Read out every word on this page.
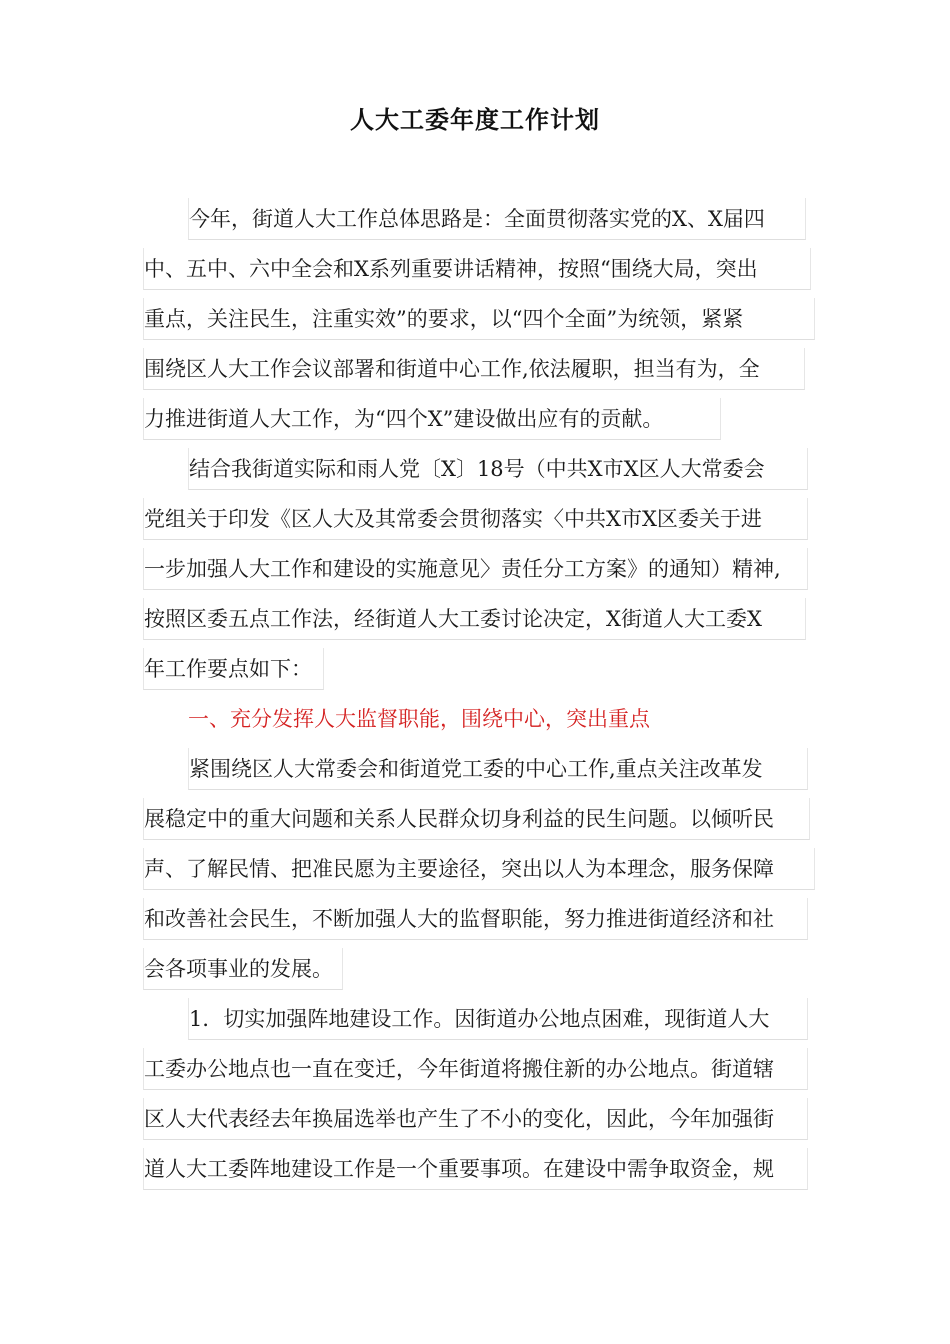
人大工委年度工作计划
今年，街道人大工作总体思路是：全面贯彻落实党的X、X届四
中、五中、六中全会和X系列重要讲话精神，按照“围绕大局，突出
重点，关注民生，注重实效”的要求，以“四个全面”为统领，紧紧
围绕区人大工作会议部署和街道中心工作,依法履职，担当有为，全
力推进街道人大工作，为“四个X”建设做出应有的贡献。
结合我街道实际和雨人党〔X〕18号（中共X市X区人大常委会
党组关于印发《区人大及其常委会贯彻落实〈中共X市X区委关于进
一步加强人大工作和建设的实施意见〉责任分工方案》的通知）精神,
按照区委五点工作法，经街道人大工委讨论决定，X街道人大工委X
年工作要点如下：
一、充分发挥人大监督职能，围绕中心，突出重点
紧围绕区人大常委会和街道党工委的中心工作,重点关注改革发
展稳定中的重大问题和关系人民群众切身利益的民生问题。以倾听民
声、了解民情、把准民愿为主要途径，突出以人为本理念，服务保障
和改善社会民生，不断加强人大的监督职能，努力推进街道经济和社
会各项事业的发展。
1．切实加强阵地建设工作。因街道办公地点困难，现街道人大
工委办公地点也一直在变迁，今年街道将搬住新的办公地点。街道辖
区人大代表经去年换届选举也产生了不小的变化，因此，今年加强街
道人大工委阵地建设工作是一个重要事项。在建设中需争取资金，规
